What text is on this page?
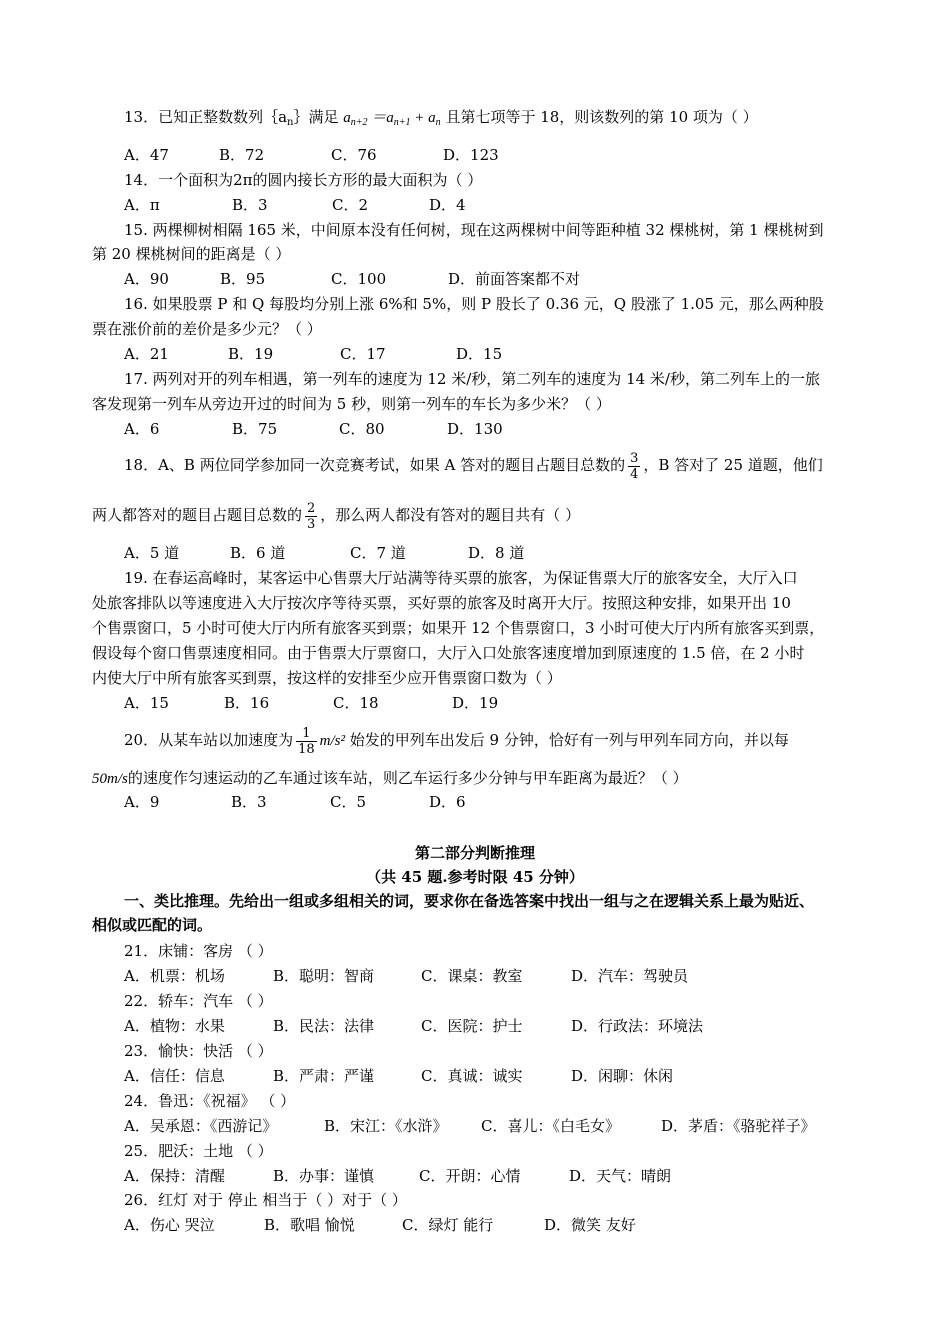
13．已知正整数数列$\{a_n\}$满足 $a_{n+2} =a_{n+1} + a_n$ 且第七项等于 18，则该数列的第 10 项为（ ）
A．47	B．72	C．76	D．123
14．一个面积为2π的圆内接长方形的最大面积为（ ）
A．π	B．3	C．2	D．4
15. 两棵柳树相隔 165 米，中间原本没有任何树，现在这两棵树中间等距种植 32 棵桃树，第 1 棵桃树到
第 20 棵桃树间的距离是（ ）
A．90	B．95	C．100	D．前面答案都不对
16. 如果股票 P 和 Q 每股均分别上涨 6%和 5%，则 P 股长了 0.36 元，Q 股涨了 1.05 元，那么两种股
票在涨价前的差价是多少元？（ ）
A．21	B．19	C．17	D．15
17. 两列对开的列车相遇，第一列车的速度为 12 米/秒，第二列车的速度为 14 米/秒，第二列车上的一旅
客发现第一列车从旁边开过的时间为 5 秒，则第一列车的车长为多少米？（ ）
A．6	B．75	C．80	D．130
18．A、B 两位同学参加同一次竞赛考试，如果 A 答对的题目占题目总数的 $\frac{3}{4}$ ，B 答对了 25 道题，他们
两人都答对的题目占题目总数的 $\frac{2}{3}$ ，那么两人都没有答对的题目共有（ ）
A．5 道	B．6 道	C．7 道	D．8 道
19. 在春运高峰时，某客运中心售票大厅站满等待买票的旅客，为保证售票大厅的旅客安全，大厅入口
处旅客排队以等速度进入大厅按次序等待买票，买好票的旅客及时离开大厅。按照这种安排，如果开出 10
个售票窗口，5 小时可使大厅内所有旅客买到票；如果开 12 个售票窗口，3 小时可使大厅内所有旅客买到票，
假设每个窗口售票速度相同。由于售票大厅票窗口，大厅入口处旅客速度增加到原速度的 1.5 倍，在 2 小时
内使大厅中所有旅客买到票，按这样的安排至少应开售票窗口数为（ ）
A．15	B．16	C．18	D．19
20．从某车站以加速度为 $\frac{1}{18} m/s^2$ 始发的甲列车出发后 9 分钟，恰好有一列与甲列车同方向，并以每
50m/s的速度作匀速运动的乙车通过该车站，则乙车运行多少分钟与甲车距离为最近？（ ）
A．9	B．3	C．5	D．6
第二部分判断推理
（共 45 题.参考时限 45 分钟）
一、类比推理。先给出一组或多组相关的词，要求你在备选答案中找出一组与之在逻辑关系上最为贴近、
相似或匹配的词。
21．床铺：客房 （ ）
A．机票：机场	B．聪明：智商	C．课桌：教室	D．汽车：驾驶员
22．轿车：汽车 （ ）
A．植物：水果	B．民法：法律	C．医院：护士	D．行政法：环境法
23．愉快：快活 （ ）
A．信任：信息	B．严肃：严谨	C．真诚：诚实	D．闲聊：休闲
24．鲁迅：《祝福》 （ ）
A．吴承恩：《西游记》	B．宋江：《水浒》 C．喜儿：《白毛女》	D．茅盾：《骆驼祥子》
25．肥沃：土地 （ ）
A．保持：清醒	B．办事：谨慎	C．开朗：心情	D．天气：晴朗
26．红灯 对于 停止 相当于（ ）对于（ ）
A．伤心 哭泣	B．歌唱 愉悦	C．绿灯 能行	D．微笑 友好
